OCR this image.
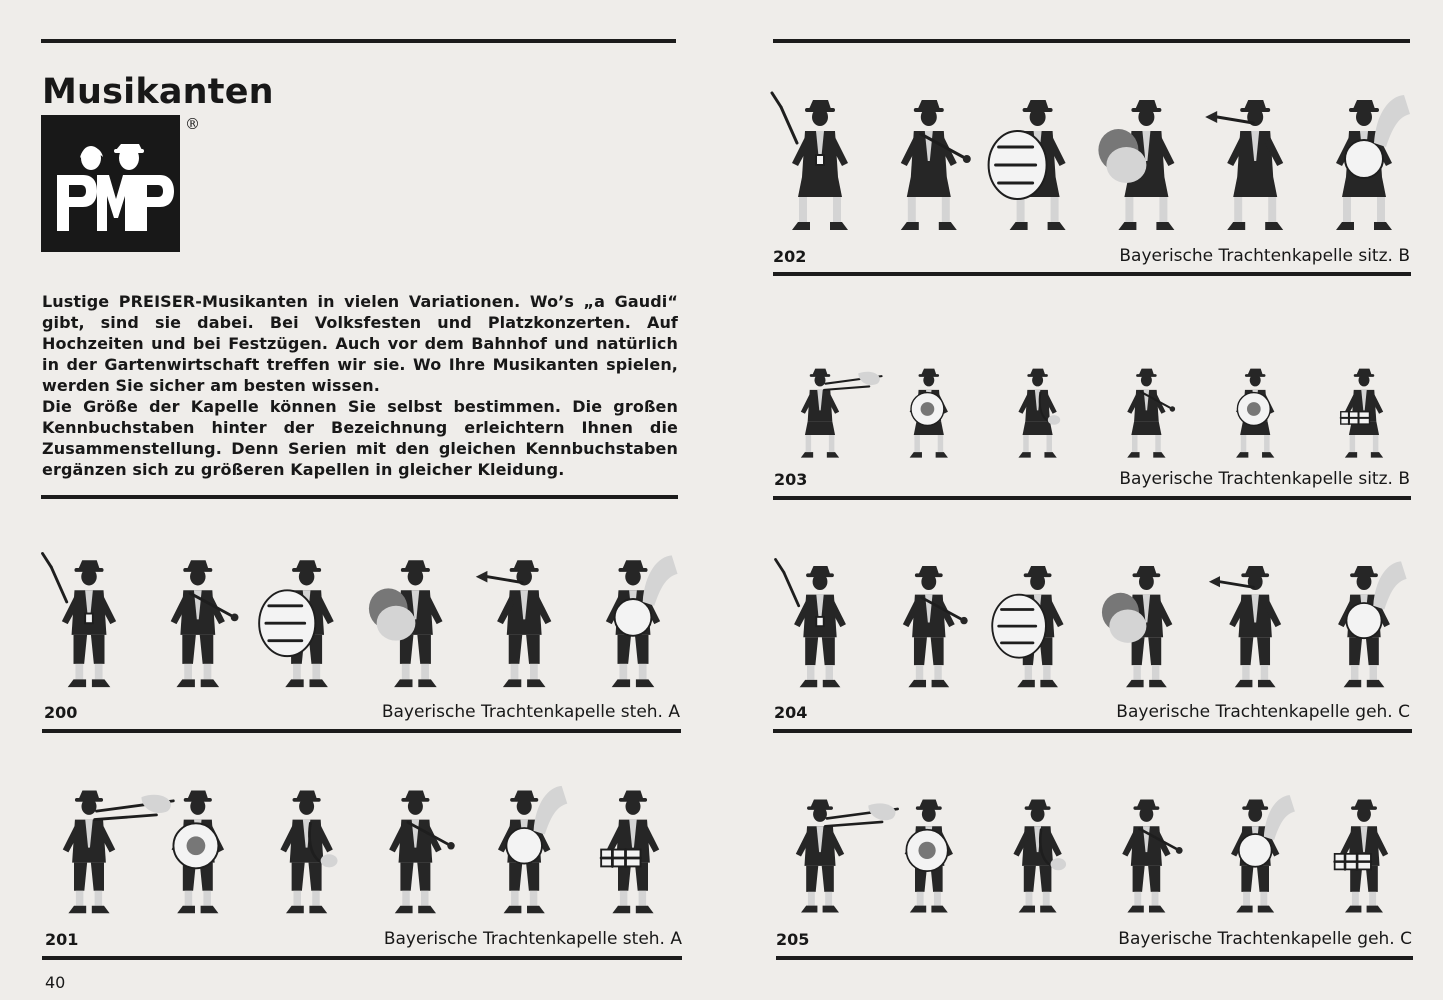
Musikanten
®

Lustige PREISER-Musikanten in vielen Variationen. Wo’s „a Gaudi“ gibt, sind sie dabei. Bei Volksfesten und Platzkonzerten. Auf Hochzeiten und bei Festzügen. Auch vor dem Bahnhof und natürlich in der Gartenwirtschaft treffen wir sie. Wo Ihre Musikanten spielen, werden Sie sicher am besten wissen.

Die Größe der Kapelle können Sie selbst bestimmen. Die großen Kennbuchstaben hinter der Bezeichnung erleichtern Ihnen die Zusammenstellung. Denn Serien mit den gleichen Kennbuchstaben ergänzen sich zu größeren Kapellen in gleicher Kleidung.

200	Bayerische Trachtenkapelle steh. A
201	Bayerische Trachtenkapelle steh. A
40
202	Bayerische Trachtenkapelle sitz. B
203	Bayerische Trachtenkapelle sitz. B
204	Bayerische Trachtenkapelle geh. C
205	Bayerische Trachtenkapelle geh. C
